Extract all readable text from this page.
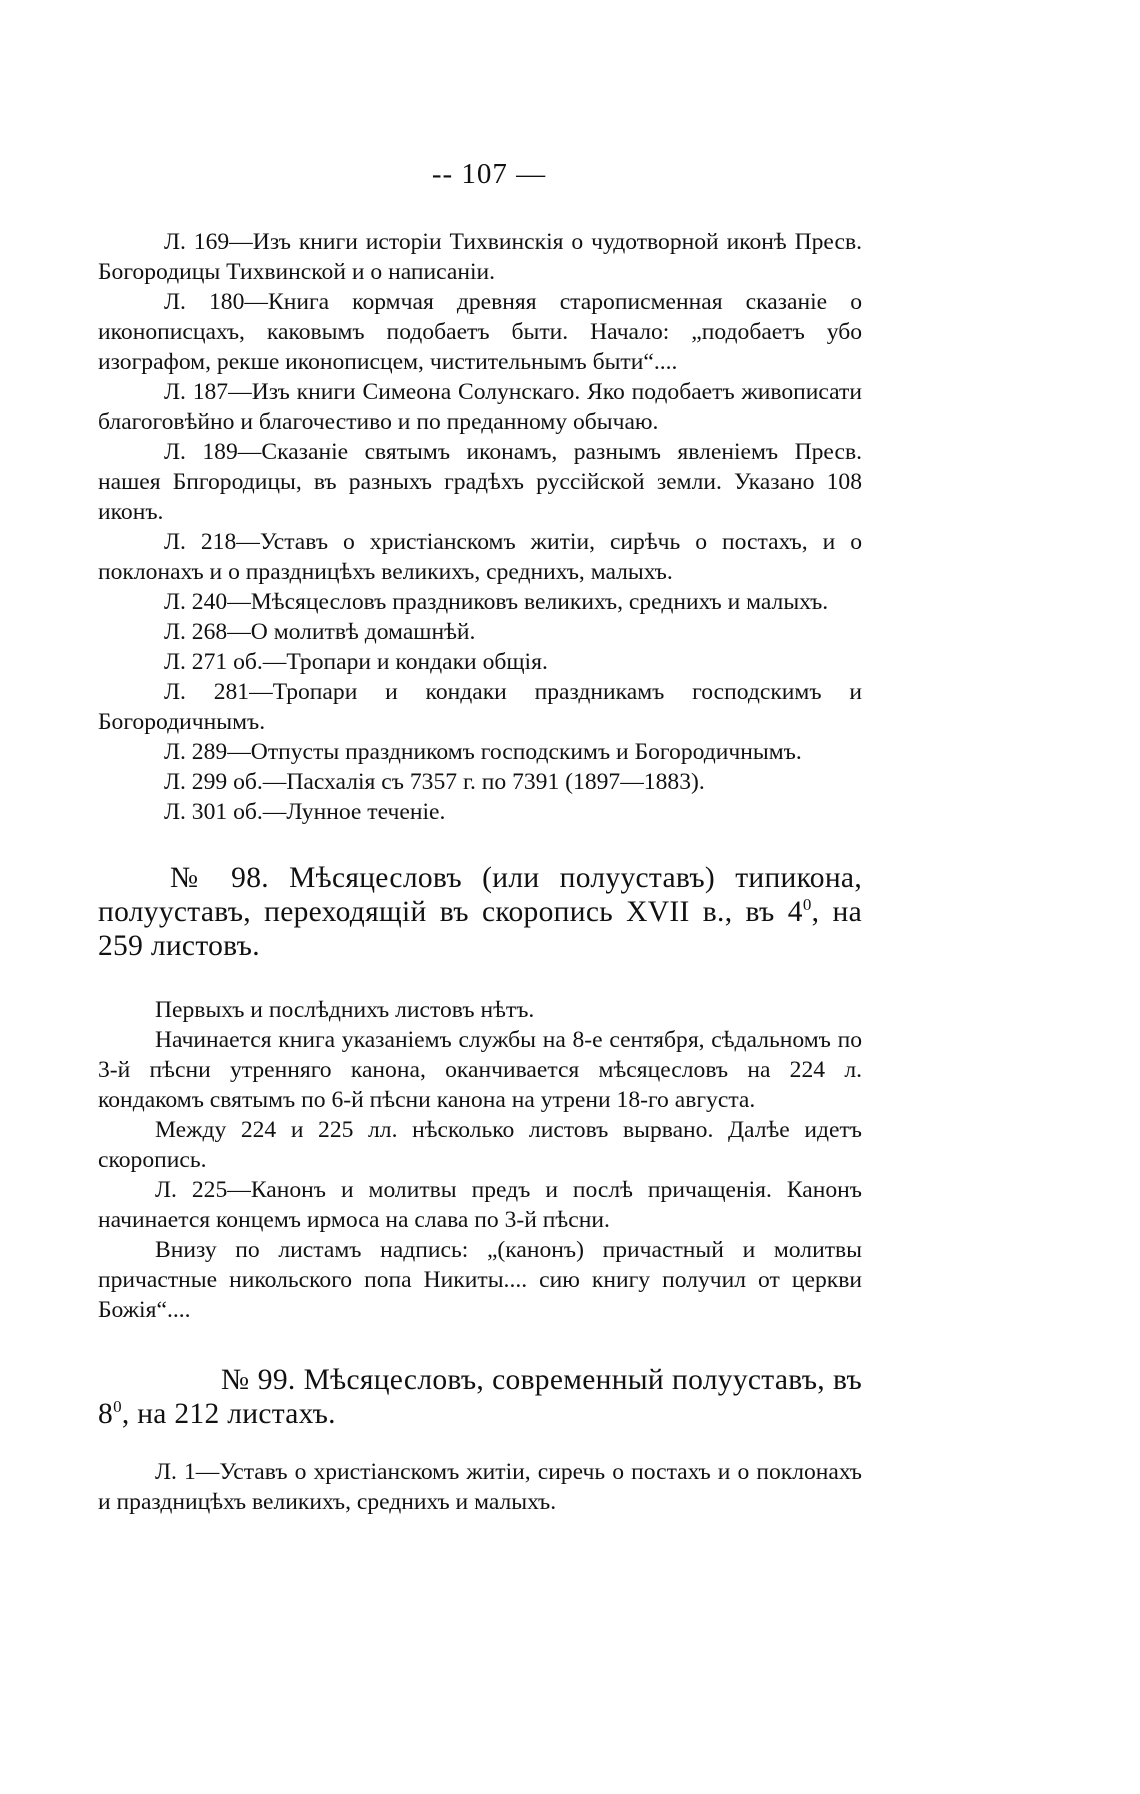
-- 107 —

Л. 169—Изъ книги исторіи Тихвинскія о чудотворной иконѣ Пресв. Богородицы Тихвинской и о написаніи.

Л. 180—Книга кормчая древняя старописменная сказаніе о иконописцахъ, каковымъ подобаетъ быти. Начало: „подобаетъ убо изографом, рекше иконописцем, чистительнымъ быти“....

Л. 187—Изъ книги Симеона Солунскаго. Яко подобаетъ живописати благоговѣйно и благочестиво и по преданному обычаю.

Л. 189—Сказаніе святымъ иконамъ, разнымъ явленіемъ Пресв. нашея Бпгородицы, въ разныхъ градѣхъ руссійской земли. Указано 108 иконъ.

Л. 218—Уставъ о христіанскомъ житіи, сирѣчь о постахъ, и о поклонахъ и о праздницѣхъ великихъ, среднихъ, малыхъ.

Л. 240—Мѣсяцесловъ праздниковъ великихъ, среднихъ и малыхъ.

Л. 268—О молитвѣ домашнѣй.

Л. 271 об.—Тропари и кондаки общія.

Л. 281—Тропари и кондаки праздникамъ господскимъ и Богородичнымъ.

Л. 289—Отпусты праздникомъ господскимъ и Богородичнымъ.

Л. 299 об.—Пасхалія съ 7357 г. по 7391 (1897—1883).

Л. 301 об.—Лунное теченіе.

№ 98. Мѣсяцесловъ (или полууставъ) типикона, полууставъ, переходящій въ скоропись XVII в., въ $4^0$, на 259 листовъ.

Первыхъ и послѣднихъ листовъ нѣтъ.

Начинается книга указаніемъ службы на 8-е сентября, сѣдальномъ по 3-й пѣсни утренняго канона, оканчивается мѣсяцесловъ на 224 л. кондакомъ святымъ по 6-й пѣсни канона на утрени 18-го августа.

Между 224 и 225 лл. нѣсколько листовъ вырвано. Далѣе идетъ скоропись.

Л. 225—Канонъ и молитвы предъ и послѣ причащенія. Канонъ начинается концемъ ирмоса на слава по 3-й пѣсни.

Внизу по листамъ надпись: „(канонъ) причастный и молитвы причастные никольского попа Никиты.... сию книгу получил от церкви Божія“....

№ 99. Мѣсяцесловъ, современный полууставъ, въ $8^0$, на 212 листахъ.

Л. 1—Уставъ о христіанскомъ житіи, сиречь о постахъ и о поклонахъ и праздницѣхъ великихъ, среднихъ и малыхъ.
